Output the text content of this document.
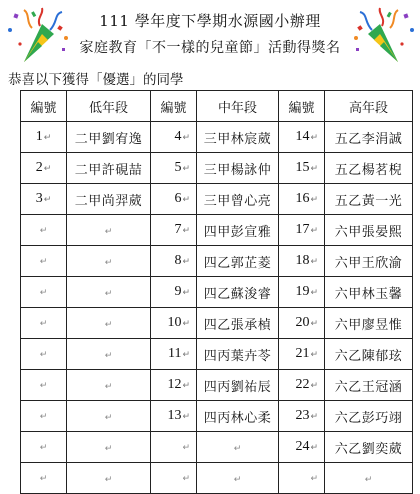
111 學年度下學期水源國小辦理
家庭教育「不一樣的兒童節」活動得獎名
恭喜以下獲得「優選」的同學
編號	低年段	編號	中年段	編號	高年段
1↵	二甲劉宥逸	4↵	三甲林宸葳	14↵	五乙李涓誠
2↵	二甲許硯喆	5↵	三甲楊詠仲	15↵	五乙楊茗棿
3↵	二甲尚羿葳	6↵	三甲曾心亮	16↵	五乙黃一光
↵	↵	7↵	四甲彭宣雅	17↵	六甲張晏熙
↵	↵	8↵	四乙郭芷菱	18↵	六甲王欣渝
↵	↵	9↵	四乙蘇浚睿	19↵	六甲林玉馨
↵	↵	10↵	四乙張承楨	20↵	六甲廖昱惟
↵	↵	11↵	四丙葉卉苓	21↵	六乙陳郁玹
↵	↵	12↵	四丙劉祐辰	22↵	六乙王冠涵
↵	↵	13↵	四丙林心柔	23↵	六乙彭巧翊
↵	↵	↵	↵	24↵	六乙劉奕葳
↵	↵	↵	↵	↵	↵
